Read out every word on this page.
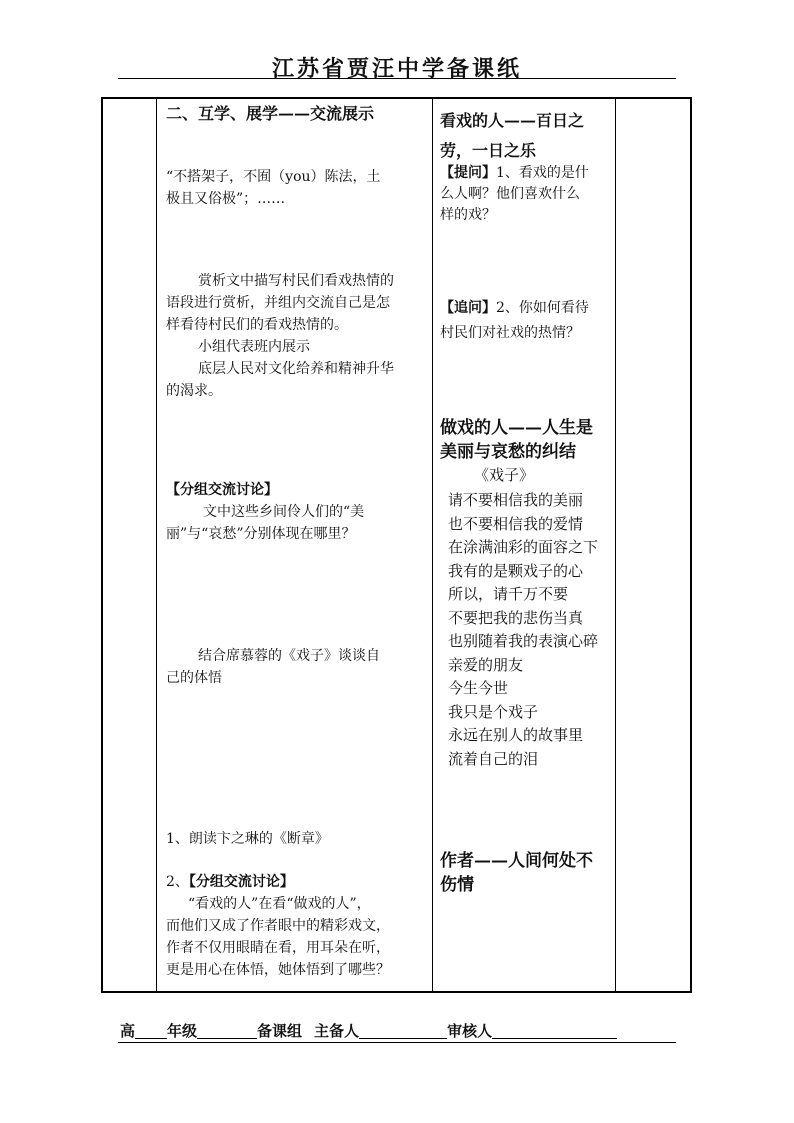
江苏省贾汪中学备课纸
二、互学、展学——交流展示
“不搭架子，不囿（you）陈法，土
极且又俗极”；……
赏析文中描写村民们看戏热情的
语段进行赏析，并组内交流自己是怎
样看待村民们的看戏热情的。
小组代表班内展示
底层人民对文化给养和精神升华
的渴求。
【分组交流讨论】
文中这些乡间伶人们的“美
丽”与“哀愁”分别体现在哪里？
结合席慕蓉的《戏子》谈谈自
己的体悟
1、朗读卞之琳的《断章》
2、【分组交流讨论】
“看戏的人”在看“做戏的人”，
而他们又成了作者眼中的精彩戏文，
作者不仅用眼睛在看，用耳朵在听，
更是用心在体悟，她体悟到了哪些？
看戏的人——百日之
劳，一日之乐
【提问】1、看戏的是什
么人啊？他们喜欢什么
样的戏？
【追问】2、你如何看待
村民们对社戏的热情？
做戏的人——人生是
美丽与哀愁的纠结
《戏子》
请不要相信我的美丽
也不要相信我的爱情
在涂满油彩的面容之下
我有的是颗戏子的心
所以，请千万不要
不要把我的悲伤当真
也别随着我的表演心碎
亲爱的朋友
今生今世
我只是个戏子
永远在别人的故事里
流着自己的泪
作者——人间何处不
伤情
高 年级	备课组 主备人	审核人
